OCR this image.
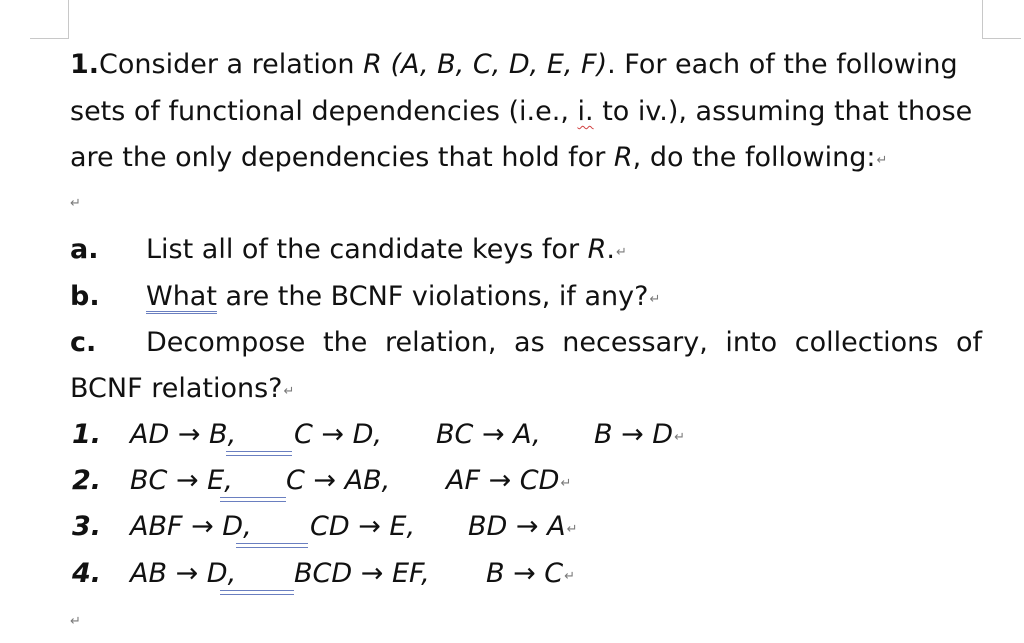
1.Consider a relation R (A, B, C, D, E, F). For each of the following
sets of functional dependencies (i.e., i. to iv.), assuming that those
are the only dependencies that hold for R, do the following:↵
↵
a. List all of the candidate keys for R.↵
b. What are the BCNF violations, if any?↵
c. Decompose the relation, as necessary, into collections of
BCNF relations?↵
1. AD → B, C → D, BC → A, B → D↵
2. BC → E, C → AB, AF → CD↵
3. ABF → D, CD → E, BD → A↵
4. AB → D, BCD → EF, B → C↵
↵
